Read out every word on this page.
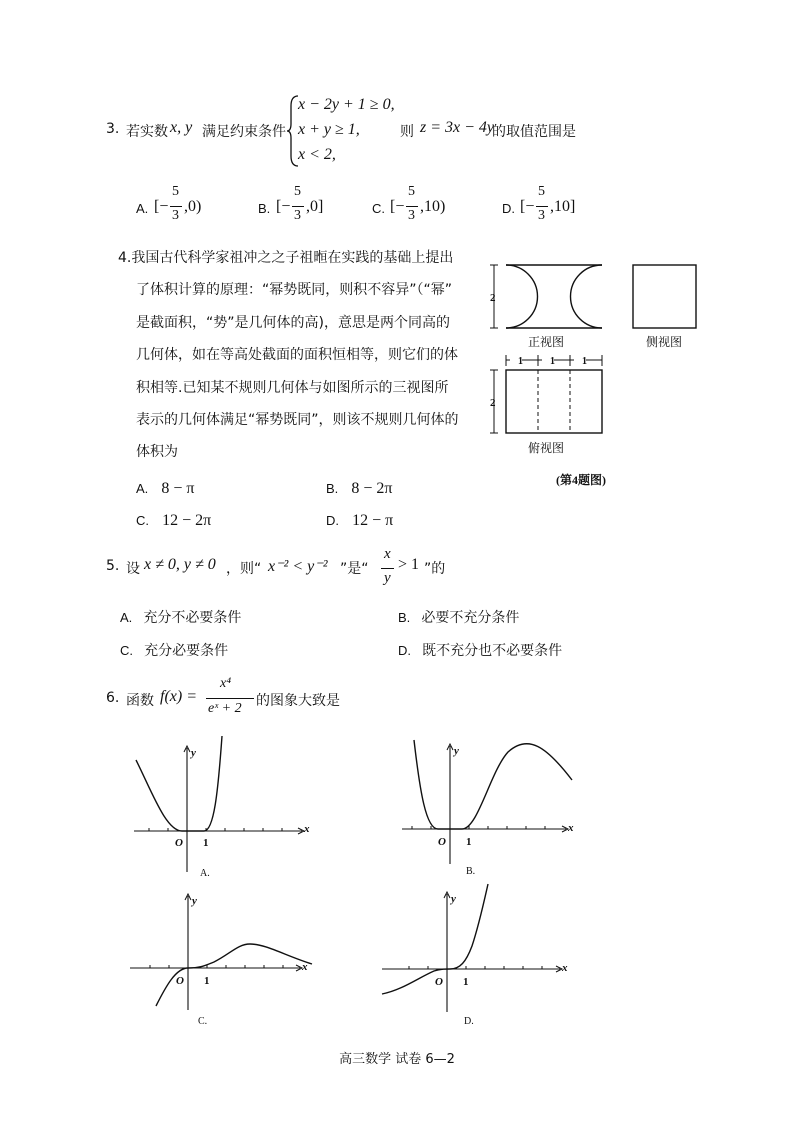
3. 若实数 x, y 满足约束条件
x − 2y + 1 ≥ 0,
x + y ≥ 1,
x < 2,
则 z = 3x − 4y
的取值范围是
A. [−
5
3
,0)	B. [−
5
3
,0]	C. [−
5
3
,10)	D. [−
5
3
,10]
4.我国古代科学家祖冲之之子祖暅在实践的基础上提出
了体积计算的原理：“幂势既同，则积不容异”（“幂”
是截面积，“势”是几何体的高)，意思是两个同高的
几何体，如在等高处截面的面积恒相等，则它们的体
积相等.已知某不规则几何体与如图所示的三视图所
表示的几何体满足“幂势既同”，则该不规则几何体的
体积为
A. 8 − π	B. 8 − 2π
C. 12 − 2π	D. 12 − π
2
正视图	侧视图
1	1	1
2
俯视图
(第4题图)
5. 设 x ≠ 0, y ≠ 0 ，则“ x⁻² < y⁻² ”是“
x
y
> 1 ”的
A. 充分不必要条件	B. 必要不充分条件
C. 充分必要条件	D. 既不充分也不必要条件
6. 函数 f(x) =
x⁴
eˣ + 2 的图象大致是
x
y
O 1
A.
x
y
O 1
B.
x
y
O 1
C.
x
y
O 1
D.
高三数学 试卷 6—2
